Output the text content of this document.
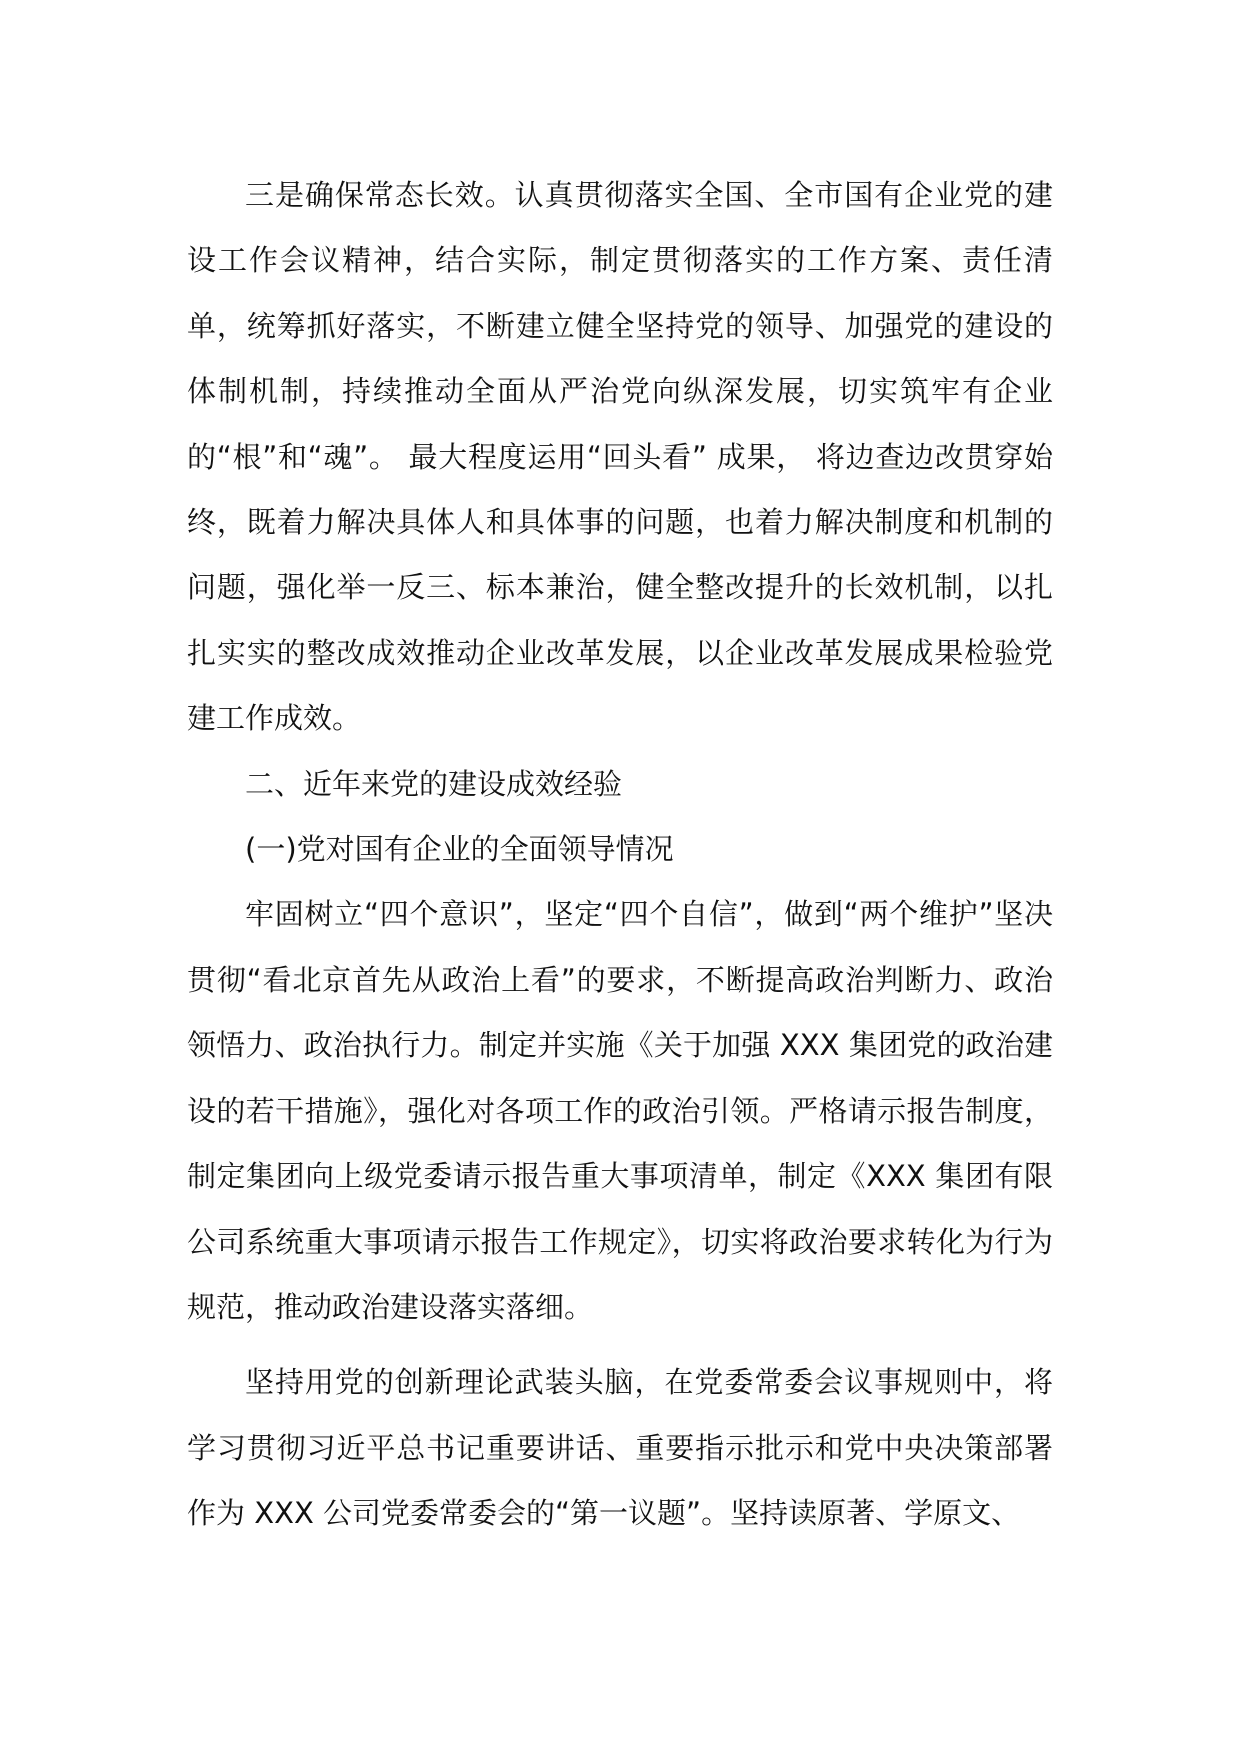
三是确保常态长效。认真贯彻落实全国、全市国有企业党的建设工作会议精神，结合实际，制定贯彻落实的工作方案、责任清单，统筹抓好落实，不断建立健全坚持党的领导、加强党的建设的体制机制，持续推动全面从严治党向纵深发展，切实筑牢有企业的“根”和“魂”。 最大程度运用“回头看” 成果， 将边查边改贯穿始终，既着力解决具体人和具体事的问题，也着力解决制度和机制的问题，强化举一反三、标本兼治，健全整改提升的长效机制，以扎扎实实的整改成效推动企业改革发展，以企业改革发展成果检验党建工作成效。

二、近年来党的建设成效经验

(一)党对国有企业的全面领导情况

牢固树立“四个意识”，坚定“四个自信”，做到“两个维护”坚决贯彻“看北京首先从政治上看”的要求，不断提高政治判断力、政治领悟力、政治执行力。制定并实施《关于加强 XXX 集团党的政治建设的若干措施》，强化对各项工作的政治引领。严格请示报告制度，制定集团向上级党委请示报告重大事项清单，制定《XXX 集团有限公司系统重大事项请示报告工作规定》，切实将政治要求转化为行为规范，推动政治建设落实落细。

坚持用党的创新理论武装头脑，在党委常委会议事规则中，将学习贯彻习近平总书记重要讲话、重要指示批示和党中央决策部署作为 XXX 公司党委常委会的“第一议题”。坚持读原著、学原文、
